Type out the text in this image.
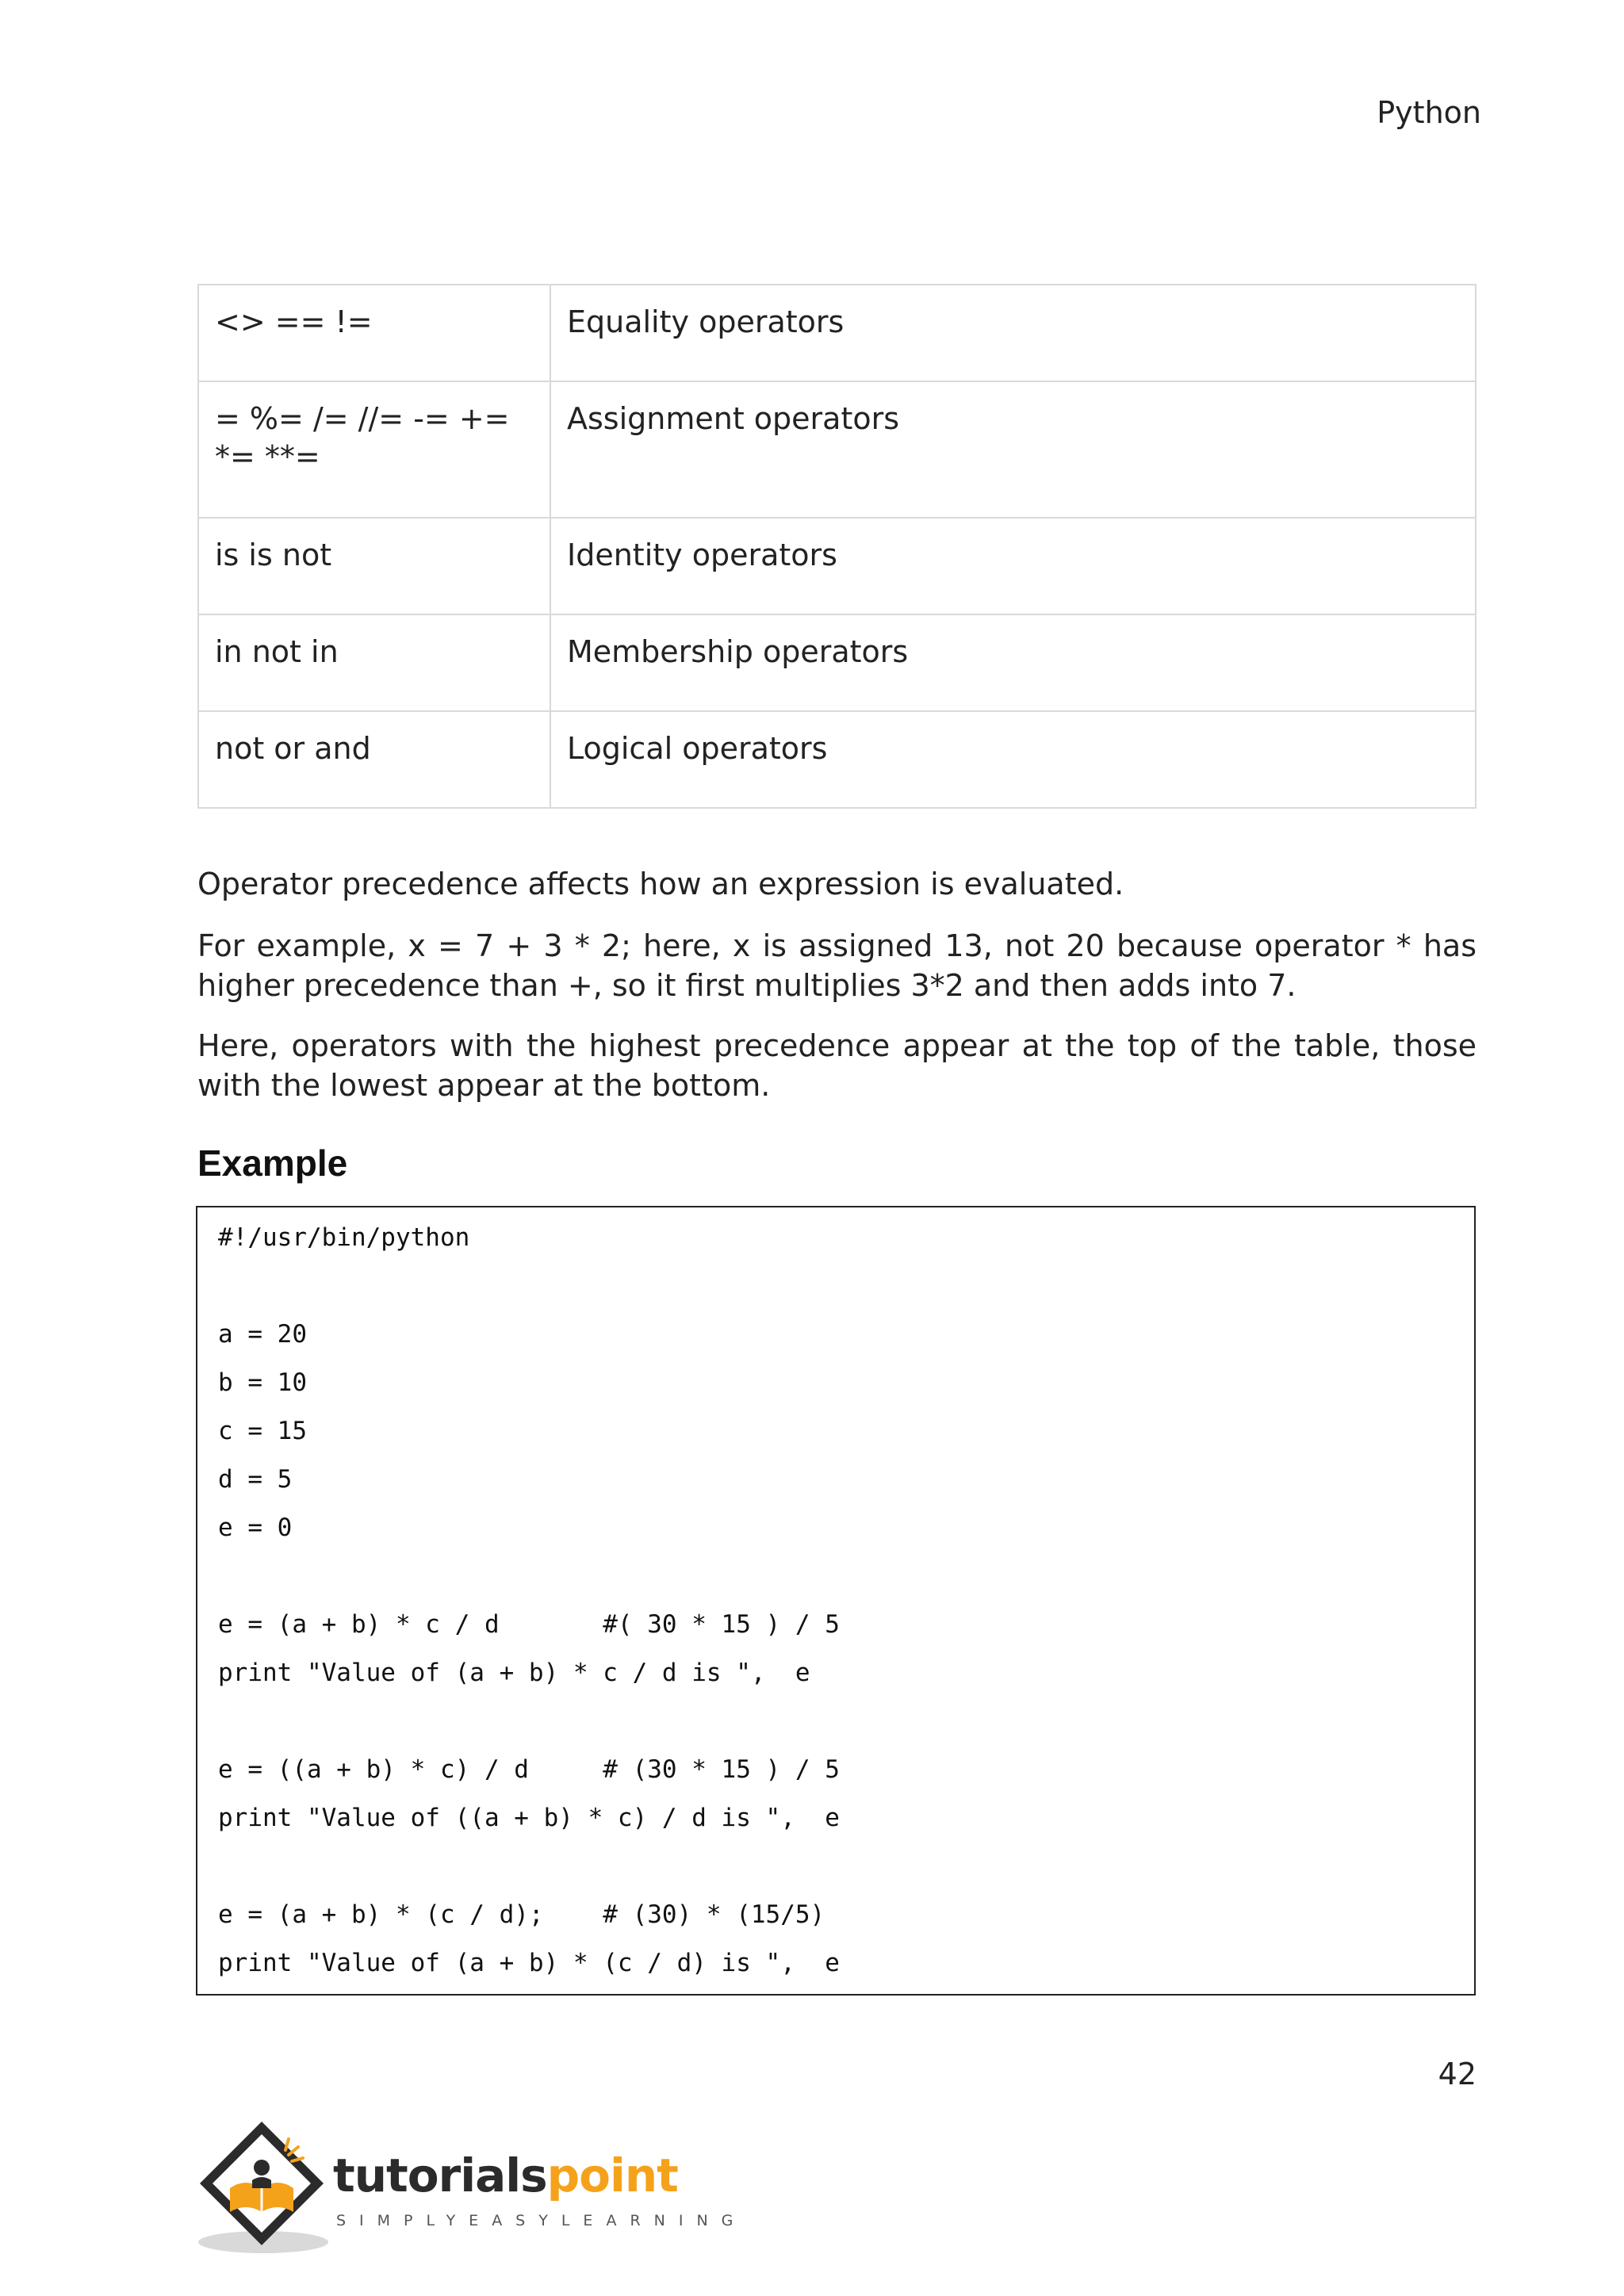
Python
<> == !=	Equality operators
= %= /= //= -= += *= **=	Assignment operators
is is not	Identity operators
in not in	Membership operators
not or and	Logical operators

Operator precedence affects how an expression is evaluated.

For example, x = 7 + 3 * 2; here, x is assigned 13, not 20 because operator * has higher precedence than +, so it first multiplies 3*2 and then adds into 7.

Here, operators with the highest precedence appear at the top of the table, those with the lowest appear at the bottom.

Example
#!/usr/bin/python
a = 20
b = 10
c = 15
d = 5
e = 0
e = (a + b) * c / d       #( 30 * 15 ) / 5
print "Value of (a + b) * c / d is ",  e
e = ((a + b) * c) / d     # (30 * 15 ) / 5
print "Value of ((a + b) * c) / d is ",  e
e = (a + b) * (c / d);    # (30) * (15/5)
print "Value of (a + b) * (c / d) is ",  e
42
tutorialspoint
SIMPLYEASYLEARNING
